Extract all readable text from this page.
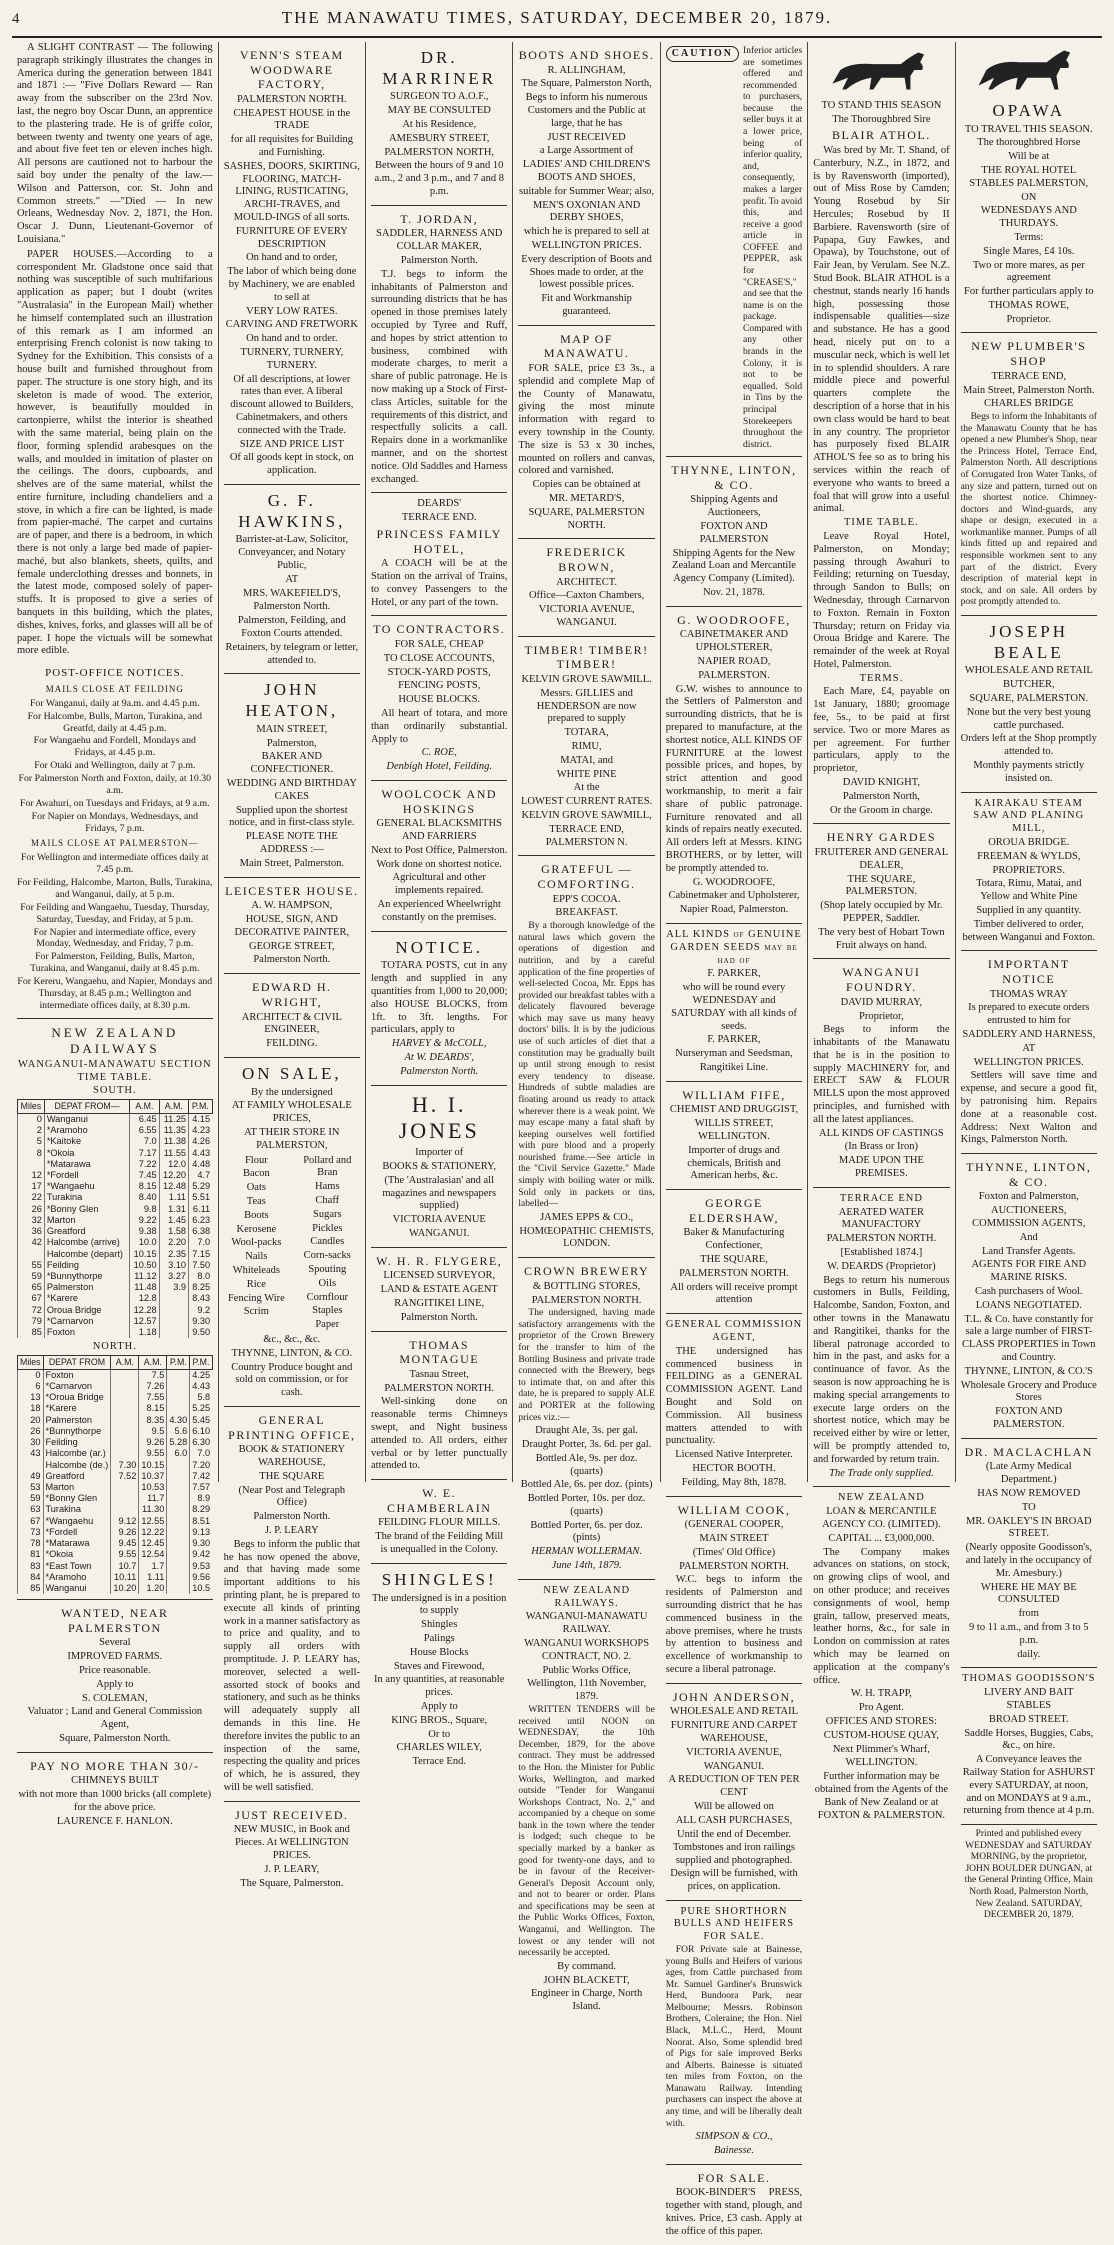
4	THE MANAWATU TIMES, SATURDAY, DECEMBER 20, 1879.

A SLIGHT CONTRAST — The following paragraph strikingly illustrates the changes in America during the generation between 1841 and 1871 :— "Five Dollars Reward — Ran away from the subscriber on the 23rd Nov. last, the negro boy Oscar Dunn, an apprentice to the plastering trade. He is of griffe color, between twenty and twenty one years of age, and about five feet ten or eleven inches high. All persons are cautioned not to harbour the said boy under the penalty of the law.—Wilson and Patterson, cor. St. John and Common streets." —"Died — In new Orleans, Wednesday Nov. 2, 1871, the Hon. Oscar J. Dunn, Lieutenant-Governor of Louisiana."

PAPER HOUSES.—According to a correspondent Mr. Gladstone once said that nothing was susceptible of such multifarious application as paper; but I doubt (writes "Australasia" in the European Mail) whether he himself contemplated such an illustration of this remark as I am informed an enterprising French colonist is now taking to Sydney for the Exhibition. This consists of a house built and furnished throughout from paper. The structure is one story high, and its skeleton is made of wood. The exterior, however, is beautifully moulded in cartonpierre, whilst the interior is sheathed with the same material, being plain on the floor, forming splendid arabesques on the walls, and moulded in imitation of plaster on the ceilings. The doors, cupboards, and shelves are of the same material, whilst the entire furniture, including chandeliers and a stove, in which a fire can be lighted, is made from papier-maché. The carpet and curtains are of paper, and there is a bedroom, in which there is not only a large bed made of papier-maché, but also blankets, sheets, quilts, and female underclothing dresses and bonnets, in the latest mode, composed solely of paper-stuffs. It is proposed to give a series of banquets in this building, which the plates, dishes, knives, forks, and glasses will all be of paper. I hope the victuals will be somewhat more edible.

POST-OFFICE NOTICES.
MAILS CLOSE AT FEILDING

For Wanganui, daily at 9a.m. and 4.45 p.m.

For Halcombe, Bulls, Marton, Turakina, and Greatfd, daily at 4.45 p.m.

For Wangaehu and Fordell, Mondays and Fridays, at 4.45 p.m.

For Otaki and Wellington, daily at 7 p.m.

For Palmerston North and Foxton, daily, at 10.30 a.m.

For Awahuri, on Tuesdays and Fridays, at 9 a.m.

For Napier on Mondays, Wednesdays, and Fridays, 7 p.m.

MAILS CLOSE AT PALMERSTON—

For Wellington and intermediate offices daily at 7.45 p.m.

For Feilding, Halcombe, Marton, Bulls, Turakina, and Wanganui, daily, at 5 p.m.

For Feilding and Wangaehu, Tuesday, Thursday, Saturday, Tuesday, and Friday, at 5 p.m.

For Napier and intermediate office, every Monday, Wednesday, and Friday, 7 p.m.

For Palmerston, Feilding, Bulls, Marton, Turakina, and Wanganui, daily at 8.45 p.m.

For Kereru, Wangaehu, and Napier, Mondays and Thursday, at 8.45 p.m.; Wellington and intermediate offices daily, at 8.30 p.m.

NEW ZEALAND DAILWAYS
WANGANUI-MANAWATU SECTION TIME TABLE.
SOUTH.
Miles	DEPAT FROM—	A.M.	A.M.	P.M.
0	Wanganui	6.45	11.25	4.15
2	*Aramoho	6.55	11.35	4.23
5	*Kaitoke	7.0	11.38	4.26
8	*Okoia	7.17	11.55	4.43
	*Matarawa	7.22	12.0	4.48
12	*Fordell	7.45	12.20	4.7
17	*Wangaehu	8.15	12.48	5.29
22	Turakina	8.40	1.11	5.51
26	*Bonny Glen	9.8	1.31	6.11
32	Marton	9.22	1.45	6.23
36	Greatford	9.38	1.58	6.38
42	Halcombe (arrive)	10.0	2.20	7.0
	Halcombe (depart)	10.15	2.35	7.15
55	Feilding	10.50	3.10	7.50
59	*Bunnythorpe	11.12	3.27	8.0
65	Palmerston	11.48	3.9	8.25
67	*Karere	12.8		8.43
72	Oroua Bridge	12.28		9.2
79	*Carnarvon	12.57		9.30
85	Foxton	1.18		9.50
NORTH.
Miles	DEPAT FROM	A.M.	A.M.	P.M.	P.M.
0	Foxton		7.5		4.25
6	*Carnarvon		7.26		4.43
13	*Oroua Bridge		7.55		5.8
18	*Karere		8.15		5.25
20	Palmerston		8.35	4.30	5.45
26	*Bunnythorpe		9.5	5.6	6.10
30	Feilding		9.26	5.28	6.30
43	Halcombe (ar.)		9.55	6.0	7.0
	Halcombe (de.)	7.30	10.15		7.20
49	Greatford	7.52	10.37		7.42
53	Marton		10.53		7.57
59	*Bonny Glen		11.7		8.9
63	Turakina		11.30		8.29
67	*Wangaehu	9.12	12.55		8.51
73	*Fordell	9.26	12.22		9.13
78	*Matarawa	9.45	12.45		9.30
81	*Okoia	9.55	12.54		9.42
83	*East Town	10.7	1.7		9.53
84	*Aramoho	10.11	1.11		9.56
85	Wanganui	10.20	1.20		10.5
WANTED, NEAR PALMERSTON

Several

IMPROVED FARMS.

Price reasonable.

Apply to

S. COLEMAN,

Valuator ; Land and General Commission Agent,

Square, Palmerston North.

PAY NO MORE THAN 30/-

CHIMNEYS BUILT

with not more than 1000 bricks (all complete) for the above price.

LAURENCE F. HANLON.

VENN'S STEAM WOODWARE FACTORY,

PALMERSTON NORTH.

CHEAPEST HOUSE in the TRADE

for all requisites for Building and Furnishing.

SASHES, DOORS, SKIRTING, FLOORING, MATCH-LINING, RUSTICATING, ARCHI-TRAVES, and MOULD-INGS of all sorts.

FURNITURE OF EVERY DESCRIPTION

On hand and to order,

The labor of which being done by Machinery, we are enabled to sell at

VERY LOW RATES.

CARVING AND FRETWORK

On hand and to order.

TURNERY, TURNERY, TURNERY.

Of all descriptions, at lower rates than ever. A liberal discount allowed to Builders, Cabinetmakers, and others connected with the Trade.

SIZE AND PRICE LIST

Of all goods kept in stock, on application.

G. F. HAWKINS,

Barrister-at-Law, Solicitor, Conveyancer, and Notary Public,

AT

MRS. WAKEFIELD'S,

Palmerston North.

Palmerston, Feilding, and Foxton Courts attended.

Retainers, by telegram or letter, attended to.

JOHN HEATON,

MAIN STREET,

Palmerston,

BAKER AND CONFECTIONER.

WEDDING AND BIRTHDAY CAKES

Supplied upon the shortest notice, and in first-class style.

PLEASE NOTE THE ADDRESS :—

Main Street, Palmerston.

LEICESTER HOUSE.

A. W. HAMPSON,

HOUSE, SIGN, AND DECORATIVE PAINTER,

GEORGE STREET,

Palmerston North.

EDWARD H. WRIGHT,

ARCHITECT & CIVIL ENGINEER,

FEILDING.

ON SALE,

By the undersigned

AT FAMILY WHOLESALE PRICES,

AT THEIR STORE IN PALMERSTON,

Flour

Bacon

Oats

Teas

Boots

Kerosene

Wool-packs

Nails

Whiteleads

Rice

Fencing Wire

Scrim

Pollard and Bran

Hams

Chaff

Sugars

Pickles

Candles

Corn-sacks

Spouting

Oils

Cornflour

Staples

Paper

&c., &c., &c.

THYNNE, LINTON, & CO.

Country Produce bought and sold on commission, or for cash.

GENERAL PRINTING OFFICE,

BOOK & STATIONERY WAREHOUSE,

THE SQUARE

(Near Post and Telegraph Office)

Palmerston North.

J. P. LEARY

Begs to inform the public that he has now opened the above, and that having made some important additions to his printing plant, he is prepared to execute all kinds of printing work in a manner satisfactory as to price and quality, and to supply all orders with promptitude. J. P. LEARY has, moreover, selected a well-assorted stock of books and stationery, and such as he thinks will adequately supply all demands in this line. He therefore invites the public to an inspection of the same, respecting the quality and prices of which, he is assured, they will be well satisfied.

JUST RECEIVED.

NEW MUSIC, in Book and Pieces. At WELLINGTON PRICES.

J. P. LEARY,

The Square, Palmerston.

DR. MARRINER

SURGEON TO A.O.F.,

MAY BE CONSULTED

At his Residence,

AMESBURY STREET,

PALMERSTON NORTH,

Between the hours of 9 and 10 a.m., 2 and 3 p.m., and 7 and 8 p.m.

T. JORDAN,

SADDLER, HARNESS AND COLLAR MAKER,

Palmerston North.

T.J. begs to inform the inhabitants of Palmerston and surrounding districts that he has opened in those premises lately occupied by Tyree and Ruff, and hopes by strict attention to business, combined with moderate charges, to merit a share of public patronage. He is now making up a Stock of First-class Articles, suitable for the requirements of this district, and respectfully solicits a call. Repairs done in a workmanlike manner, and on the shortest notice. Old Saddles and Harness exchanged.

DEARDS'

TERRACE END.

PRINCESS FAMILY HOTEL,

A COACH will be at the Station on the arrival of Trains, to convey Passengers to the Hotel, or any part of the town.

TO CONTRACTORS.

FOR SALE, CHEAP

TO CLOSE ACCOUNTS,

STOCK-YARD POSTS,

FENCING POSTS,

HOUSE BLOCKS.

All heart of totara, and more than ordinarily substantial. Apply to

C. ROE,

Denbigh Hotel, Feilding.

WOOLCOCK AND HOSKINGS

GENERAL BLACKSMITHS AND FARRIERS

Next to Post Office, Palmerston.

Work done on shortest notice.

Agricultural and other implements repaired.

An experienced Wheelwright constantly on the premises.

NOTICE.

TOTARA POSTS, cut in any length and supplied in any quantities from 1,000 to 20,000; also HOUSE BLOCKS, from 1ft. to 3ft. lengths. For particulars, apply to

HARVEY & McCOLL,

At W. DEARDS',

Palmerston North.

H. I. JONES

Importer of

BOOKS & STATIONERY,

(The 'Australasian' and all magazines and newspapers supplied)

VICTORIA AVENUE

WANGANUI.

W. H. R. FLYGERE,

LICENSED SURVEYOR,

LAND & ESTATE AGENT

RANGITIKEI LINE,

Palmerston North.

THOMAS MONTAGUE

Tasnau Street,

PALMERSTON NORTH.

Well-sinking done on reasonable terms Chimneys swept, and Night business attended to. All orders, either verbal or by letter punctually attended to.

W. E. CHAMBERLAIN

FEILDING FLOUR MILLS.

The brand of the Feilding Mill is unequalled in the Colony.

SHINGLES!

The undersigned is in a position to supply

Shingles

Palings

House Blocks

Staves and Firewood,

In any quantities, at reasonable prices.

Apply to

KING BROS., Square,

Or to

CHARLES WILEY,

Terrace End.

BOOTS AND SHOES.

R. ALLINGHAM,

The Square, Palmerston North,

Begs to inform his numerous Customers and the Public at large, that he has

JUST RECEIVED

a Large Assortment of

LADIES' AND CHILDREN'S BOOTS AND SHOES,

suitable for Summer Wear; also,

MEN'S OXONIAN AND DERBY SHOES,

which he is prepared to sell at

WELLINGTON PRICES.

Every description of Boots and Shoes made to order, at the lowest possible prices.

Fit and Workmanship guaranteed.

MAP OF MANAWATU.

FOR SALE, price £3 3s., a splendid and complete Map of the County of Manawatu, giving the most minute information with regard to every township in the County. The size is 53 x 30 inches, mounted on rollers and canvas, colored and varnished.

Copies can be obtained at

MR. METARD'S,

SQUARE, PALMERSTON NORTH.

FREDERICK BROWN,

ARCHITECT.

Office—Caxton Chambers,

VICTORIA AVENUE, WANGANUI.

TIMBER! TIMBER! TIMBER!

KELVIN GROVE SAWMILL.

Messrs. GILLIES and HENDERSON are now prepared to supply

TOTARA,

RIMU,

MATAI, and

WHITE PINE

At the

LOWEST CURRENT RATES.

KELVIN GROVE SAWMILL,

TERRACE END, PALMERSTON N.

GRATEFUL — COMFORTING.

EPP'S COCOA.

BREAKFAST.

By a thorough knowledge of the natural laws which govern the operations of digestion and nutrition, and by a careful application of the fine properties of well-selected Cocoa, Mr. Epps has provided our breakfast tables with a delicately flavoured beverage which may save us many heavy doctors' bills. It is by the judicious use of such articles of diet that a constitution may be gradually built up until strong enough to resist every tendency to disease. Hundreds of subtle maladies are floating around us ready to attack wherever there is a weak point. We may escape many a fatal shaft by keeping ourselves well fortified with pure blood and a properly nourished frame.—See article in the "Civil Service Gazette." Made simply with boiling water or milk. Sold only in packets or tins, labelled—

JAMES EPPS & CO.,

HOMŒOPATHIC CHEMISTS, LONDON.

CROWN BREWERY

& BOTTLING STORES,

PALMERSTON NORTH.

The undersigned, having made satisfactory arrangements with the proprietor of the Crown Brewery for the transfer to him of the Bottling Business and private trade connected with the Brewery, begs to intimate that, on and after this date, he is prepared to supply ALE and PORTER at the following prices viz.:—

Draught Ale, 3s. per gal.

Draught Porter, 3s. 6d. per gal.

Bottled Ale, 9s. per doz. (quarts)

Bottled Ale, 6s. per doz. (pints)

Bottled Porter, 10s. per doz. (quarts)

Bottled Porter, 6s. per doz. (pints)

HERMAN WOLLERMAN.

June 14th, 1879.

NEW ZEALAND RAILWAYS.

WANGANUI-MANAWATU RAILWAY.

WANGANUI WORKSHOPS CONTRACT, NO. 2.

Public Works Office,

Wellington, 11th November, 1879.

WRITTEN TENDERS will be received until NOON on WEDNESDAY, the 10th December, 1879, for the above contract. They must be addressed to the Hon. the Minister for Public Works, Wellington, and marked outside "Tender for Wanganui Workshops Contract, No. 2," and accompanied by a cheque on some bank in the town where the tender is lodged; such cheque to be specially marked by a banker as good for twenty-one days, and to be in favour of the Receiver-General's Deposit Account only, and not to bearer or order. Plans and specifications may be seen at the Public Works Offices, Foxton, Wanganui, and Wellington. The lowest or any tender will not necessarily be accepted.

By command.

JOHN BLACKETT,

Engineer in Charge, North Island.

CAUTION	Inferior articles are sometimes offered and recommended to purchasers, because the seller buys it at a lower price, being of inferior quality, and, consequently, makes a larger profit. To avoid this, and receive a good article in COFFEE and PEPPER, ask for "CREASE'S," and see that the name is on the package. Compared with any other brands in the Colony, it is not to be equalled. Sold in Tins by the principal Storekeepers throughout the district.
THYNNE, LINTON, & CO.

Shipping Agents and Auctioneers,

FOXTON AND PALMERSTON

Shipping Agents for the New Zealand Loan and Mercantile Agency Company (Limited).

Nov. 21, 1878.

G. WOODROOFE,

CABINETMAKER AND UPHOLSTERER,

NAPIER ROAD,

PALMERSTON.

G.W. wishes to announce to the Settlers of Palmerston and surrounding districts, that he is prepared to manufacture, at the shortest notice, ALL KINDS OF FURNITURE at the lowest possible prices, and hopes, by strict attention and good workmanship, to merit a fair share of public patronage. Furniture renovated and all kinds of repairs neatly executed. All orders left at Messrs. KING BROTHERS, or by letter, will be promptly attended to.

G. WOODROOFE,

Cabinetmaker and Upholsterer,

Napier Road, Palmerston.

ALL KINDS of GENUINE GARDEN SEEDS may be had of

F. PARKER,

who will be round every WEDNESDAY and SATURDAY with all kinds of seeds.

F. PARKER,

Nurseryman and Seedsman,

Rangitikei Line.

WILLIAM FIFE,

CHEMIST AND DRUGGIST,

WILLIS STREET, WELLINGTON.

Importer of drugs and chemicals, British and American herbs, &c.

GEORGE ELDERSHAW,

Baker & Manufacturing Confectioner,

THE SQUARE,

PALMERSTON NORTH.

All orders will receive prompt attention

GENERAL COMMISSION AGENT,

THE undersigned has commenced business in FEILDING as a GENERAL COMMISSION AGENT. Land Bought and Sold on Commission. All business matters attended to with punctuality.

Licensed Native Interpreter.

HECTOR BOOTH.

Feilding, May 8th, 1878.

WILLIAM COOK,

(GENERAL COOPER,

MAIN STREET

(Times' Old Office)

PALMERSTON NORTH.

W.C. begs to inform the residents of Palmerston and surrounding district that he has commenced business in the above premises, where he trusts by attention to business and excellence of workmanship to secure a liberal patronage.

JOHN ANDERSON,

WHOLESALE AND RETAIL

FURNITURE AND CARPET WAREHOUSE,

VICTORIA AVENUE,

WANGANUI.

A REDUCTION OF TEN PER CENT

Will be allowed on

ALL CASH PURCHASES,

Until the end of December.

Tombstones and iron railings supplied and photographed. Design will be furnished, with prices, on application.

PURE SHORTHORN BULLS AND HEIFERS FOR SALE.

FOR Private sale at Bainesse, young Bulls and Heifers of various ages, from Cattle purchased from Mr. Samuel Gardiner's Brunswick Herd, Bundoora Park, near Melbourne; Messrs. Robinson Brothers, Coleraine; the Hon. Niel Black, M.L.C., Herd, Mount Noorat. Also, Some splendid bred of Pigs for sale improved Berks and Alberts. Bainesse is situated ten miles from Foxton, on the Manawatu Railway. Intending purchasers can inspect the above at any time, and will be liberally dealt with.

SIMPSON & CO.,

Bainesse.

FOR SALE.

BOOK-BINDER'S PRESS, together with stand, plough, and knives. Price, £3 cash. Apply at the office of this paper.

TO STAND THIS SEASON

The Thoroughbred Sire

BLAIR ATHOL.

Was bred by Mr. T. Shand, of Canterbury, N.Z., in 1872, and is by Ravensworth (imported), out of Miss Rose by Camden; Young Rosebud by Sir Hercules; Rosebud by II Barbiere. Ravensworth (sire of Papapa, Guy Fawkes, and Opawa), by Touchstone, out of Fair Jean, by Verulam. See N.Z. Stud Book. BLAIR ATHOL is a chestnut, stands nearly 16 hands high, possessing those indispensable qualities—size and substance. He has a good head, nicely put on to a muscular neck, which is well let in to splendid shoulders. A rare middle piece and powerful quarters complete the description of a horse that in his own class would be hard to beat in any country. The proprietor has purposely fixed BLAIR ATHOL'S fee so as to bring his services within the reach of everyone who wants to breed a foal that will grow into a useful animal.

TIME TABLE.

Leave Royal Hotel, Palmerston, on Monday; passing through Awahuri to Feilding; returning on Tuesday, through Sandon to Bulls; on Wednesday, through Carnarvon to Foxton. Remain in Foxton Thursday; return on Friday via Oroua Bridge and Karere. The remainder of the week at Royal Hotel, Palmerston.

TERMS.

Each Mare, £4, payable on 1st January, 1880; groomage fee, 5s., to be paid at first service. Two or more Mares as per agreement. For further particulars, apply to the proprietor,

DAVID KNIGHT,

Palmerston North,

Or the Groom in charge.

HENRY GARDES

FRUITERER AND GENERAL DEALER,

THE SQUARE, PALMERSTON.

(Shop lately occupied by Mr. PEPPER, Saddler.

The very best of Hobart Town Fruit always on hand.

WANGANUI FOUNDRY.

DAVID MURRAY,

Proprietor,

Begs to inform the inhabitants of the Manawatu that he is in the position to supply MACHINERY for, and ERECT SAW & FLOUR MILLS upon the most approved principles, and furnished with all the latest appliances.

ALL KINDS OF CASTINGS

(In Brass or Iron)

MADE UPON THE PREMISES.

TERRACE END

AERATED WATER MANUFACTORY

PALMERSTON NORTH.

[Established 1874.]

W. DEARDS (Proprietor)

Begs to return his numerous customers in Bulls, Feilding, Halcombe, Sandon, Foxton, and other towns in the Manawatu and Rangitikei, thanks for the liberal patronage accorded to him in the past, and asks for a continuance of favor. As the season is now approaching he is making special arrangements to execute large orders on the shortest notice, which may be received either by wire or letter, will be promptly attended to, and forwarded by return train.

The Trade only supplied.

NEW ZEALAND

LOAN & MERCANTILE AGENCY CO. (LIMITED).

CAPITAL ... £3,000,000.

The Company makes advances on stations, on stock, on growing clips of wool, and on other produce; and receives consignments of wool, hemp grain, tallow, preserved meats, leather horns, &c., for sale in London on commission at rates which may be learned on application at the company's office.

W. H. TRAPP,

Pro Agent.

OFFICES AND STORES:

CUSTOM-HOUSE QUAY,

Next Plimmer's Wharf,

WELLINGTON.

Further information may be obtained from the Agents of the Bank of New Zealand or at FOXTON & PALMERSTON.

OPAWA

TO TRAVEL THIS SEASON.

The thoroughbred Horse

Will be at

THE ROYAL HOTEL STABLES PALMERSTON,

ON

WEDNESDAYS AND THURDAYS.

Terms:

Single Mares, £4 10s.

Two or more mares, as per agreement

For further particulars apply to

THOMAS ROWE,

Proprietor.

NEW PLUMBER'S SHOP

TERRACE END,

Main Street, Palmerston North.

CHARLES BRIDGE

Begs to inform the Inhabitants of the Manawatu County that he has opened a new Plumber's Shop, near the Princess Hotel, Terrace End, Palmerston North. All descriptions of Corrugated Iron Water Tanks, of any size and pattern, turned out on the shortest notice. Chimney-doctors and Wind-guards, any shape or design, executed in a workmanlike manner. Pumps of all kinds fitted up and repaired and responsible workmen sent to any part of the district. Every description of material kept in stock, and on sale. All orders by post promptly attended to.

JOSEPH BEALE

WHOLESALE AND RETAIL

BUTCHER,

SQUARE, PALMERSTON.

None but the very best young cattle purchased.

Orders left at the Shop promptly attended to.

Monthly payments strictly insisted on.

KAIRAKAU STEAM SAW AND PLANING MILL,

OROUA BRIDGE.

FREEMAN & WYLDS,

PROPRIETORS.

Totara, Rimu, Matai, and Yellow and White Pine

Supplied in any quantity.

Timber delivered to order, between Wanganui and Foxton.

IMPORTANT NOTICE

THOMAS WRAY

Is prepared to execute orders entrusted to him for

SADDLERY AND HARNESS,

AT

WELLINGTON PRICES.

Settlers will save time and expense, and secure a good fit, by patronising him. Repairs done at a reasonable cost. Address: Next Walton and Kings, Palmerston North.

THYNNE, LINTON, & CO.

Foxton and Palmerston,

AUCTIONEERS, COMMISSION AGENTS,

And

Land Transfer Agents.

AGENTS FOR FIRE AND MARINE RISKS.

Cash purchasers of Wool.

LOANS NEGOTIATED.

T.L. & Co. have constantly for sale a large number of FIRST-CLASS PROPERTIES in Town and Country.

THYNNE, LINTON, & CO.'S

Wholesale Grocery and Produce Stores

FOXTON AND PALMERSTON.

DR. MACLACHLAN

(Late Army Medical Department.)

HAS NOW REMOVED

TO

MR. OAKLEY'S IN BROAD STREET.

(Nearly opposite Goodisson's, and lately in the occupancy of Mr. Amesbury.)

WHERE HE MAY BE CONSULTED

from

9 to 11 a.m., and from 3 to 5 p.m.

daily.

THOMAS GOODISSON'S

LIVERY AND BAIT STABLES

BROAD STREET.

Saddle Horses, Buggies, Cabs, &c., on hire.

A Conveyance leaves the Railway Station for ASHURST every SATURDAY, at noon, and on MONDAYS at 9 a.m., returning from thence at 4 p.m.

Printed and published every WEDNESDAY and SATURDAY MORNING, by the proprietor, JOHN BOULDER DUNGAN, at the General Printing Office, Main North Road, Palmerston North, New Zealand. SATURDAY, DECEMBER 20, 1879.
